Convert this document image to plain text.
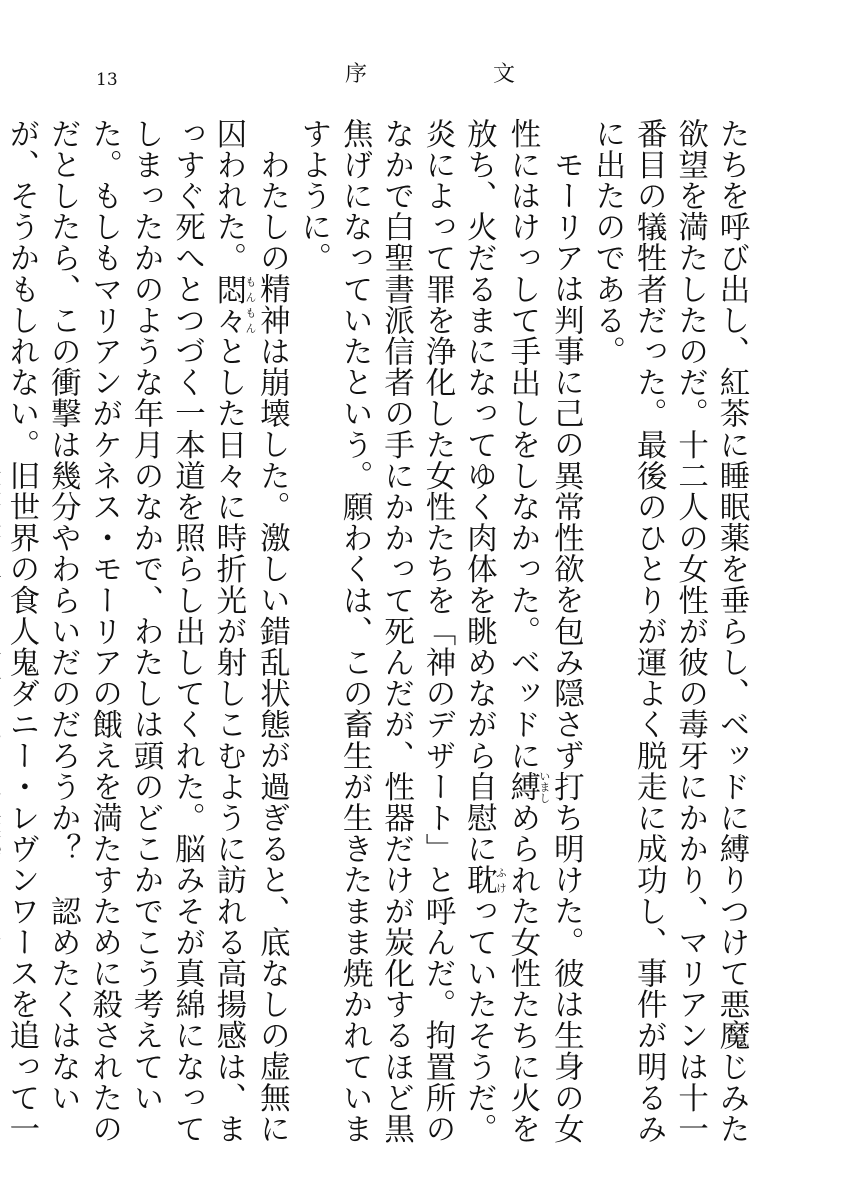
13	序	文

たちを呼び出し、紅茶に睡眠薬を垂らし、ベッドに縛りつけて悪魔じみた欲望を満たしたのだ。十二人の女性が彼の毒牙にかかり、マリアンは十一番目の犠牲者だった。最後のひとりが運よく脱走に成功し、事件が明るみに出たのである。

モーリアは判事に己の異常性欲を包み隠さず打ち明けた。彼は生身の女性にはけっして手出しをしなかった。ベッドに縛いましめられた女性たちに火を放ち、火だるまになってゆく肉体を眺めながら自慰に耽ふけっていたそうだ。炎によって罪を浄化した女性たちを「神のデザート」と呼んだ。拘置所のなかで白聖書派信者の手にかかって死んだが、性器だけが炭化するほど黒焦げになっていたという。願わくは、この畜生が生きたまま焼かれていますように。

わたしの精神は崩壊した。激しい錯乱状態が過ぎると、底なしの虚無に囚われた。悶々もんもんとした日々に時折光が射しこむように訪れる高揚感は、まっすぐ死へとつづく一本道を照らし出してくれた。脳みそが真綿になってしまったかのような年月のなかで、わたしは頭のどこかでこう考えていた。もしもマリアンがケネス・モーリアの餓えを満たすために殺されたのだとしたら、この衝撃は幾分やわらいだのだろうか？　認めたくはないが、そうかもしれない。旧世界の食人鬼ダニー・レヴンワースを追って一
